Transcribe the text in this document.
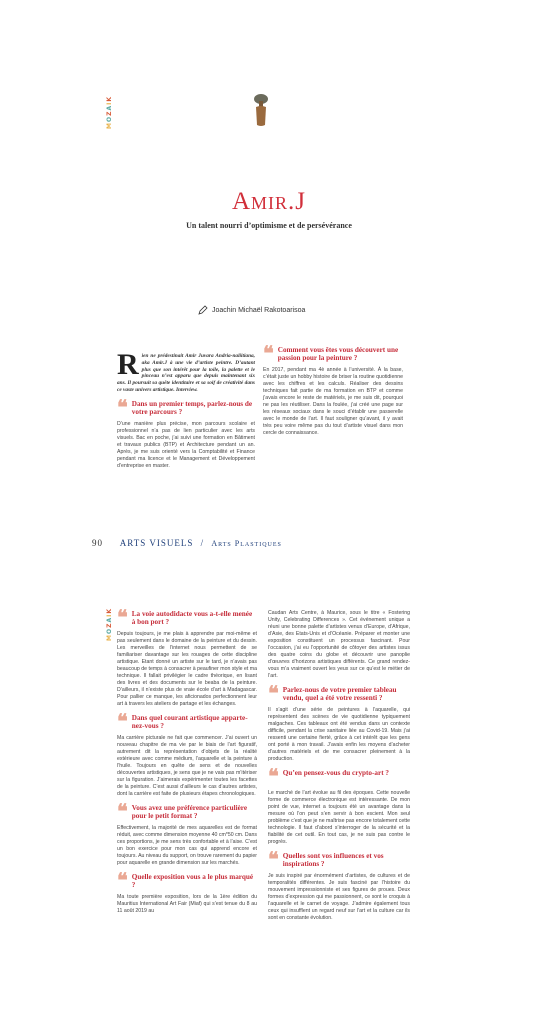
MOZAIK
Amir.J
Un talent nourri d’optimisme et de persévérance
Joachin Michaël Rakotoarisoa
Rien ne prédestinait Amir Juvara Andria-naliitiana, aka Amir.J à une vie d’artiste peintre. D’autant plus que son intérêt pour la toile, la palette et le pinceau n’est apparu que depuis maintenant six ans. Il poursuit sa quête identitaire et sa soif de créativité dans ce vaste univers artistique. Interview.
❝ Dans un premier temps, parlez-nous de votre parcours ?

D’une manière plus précise, mon parcours scolaire et professionnel n’a pas de lien particulier avec les arts visuels. Bac en poche, j’ai suivi une formation en Bâtiment et travaux publics (BTP) et Architecture pendant un an. Après, je me suis orienté vers la Comptabilité et Finance pendant ma licence et le Management et Développement d’entreprise en master.

❝ Comment vous êtes vous découvert une passion pour la peinture ?

En 2017, pendant ma 4è année à l’université. À la base, c’était juste un hobby histoire de briser la routine quotidienne avec les chiffres et les calculs. Réaliser des dessins techniques fait partie de ma formation en BTP et comme j’avais encore le reste de matériels, je me suis dit, pourquoi ne pas les réutiliser. Dans la foulée, j’ai créé une page sur les réseaux sociaux dans le souci d’établir une passerelle avec le monde de l’art. Il faut souligner qu’avant, il y avait très peu voire même pas du tout d’artiste visuel dans mon cercle de connaissance.

90 ARTS VISUELS / Arts Plastiques
MOZAIK ❝ La voie autodidacte vous a-t-elle menée à bon port ?

Depuis toujours, je me plais à apprendre par moi-même et pas seulement dans le domaine de la peinture et du dessin. Les merveilles de l’internet nous permettent de se familiariser davantage sur les rouages de cette discipline artistique. Etant donné un artiste sur le tard, je n’avais pas beaucoup de temps à consacrer à peaufiner mon style et ma technique. Il fallait privilégier le cadre théorique, en lisant des livres et des documents sur le beaba de la peinture. D’ailleurs, il n’existe plus de vraie école d’art à Madagascar. Pour pallier ce manque, les aficionados perfectionnent leur art à travers les ateliers de partage et les échanges.

❝ Dans quel courant artistique appartenez-vous ?

Ma carrière picturale ne fait que commencer. J’ai ouvert un nouveau chapitre de ma vie par le biais de l’art figuratif, autrement dit la représentation d’objets de la réalité extérieure avec comme médium, l’aquarelle et la peinture à l’huile. Toujours en quête de sens et de nouvelles découvertes artistiques, je sens que je ne vais pas m’itériser sur la figuration. J’aimerais expérimenter toutes les facettes de la peinture. C’est aussi d’ailleurs le cas d’autres artistes, dont la carrière est faite de plusieurs étapes chronologiques.

❝ Vous avez une préférence particulière pour le petit format ?

Effectivement, la majorité de mes aquarelles est de format réduit, avec comme dimension moyenne 40 cm*50 cm. Dans ces proportions, je me sens très confortable et à l’aise. C’est un bon exercice pour mon cas qui apprend encore et toujours. Au niveau du support, on trouve rarement du papier pour aquarelle en grande dimension sur les marchés.

❝ Quelle exposition vous a le plus marqué ?

Ma toute première exposition, lors de la 1ère édition du Mauritius International Art Fair (Miaf) qui s’est tenue du 8 au 11 août 2019 au

Caudan Arts Centre, à Maurice, sous le titre « Fostering Unity, Celebrating Differences ». Cet événement unique a réuni une bonne palette d’artistes venus d’Europe, d’Afrique, d’Asie, des Etats-Unis et d’Océanie. Préparer et monter une exposition constituent un processus fascinant. Pour l’occasion, j’ai eu l’opportunité de côtoyer des artistes issus des quatre coins du globe et découvrir une panoplie d’œuvres d’horizons artistiques différents. Ce grand rendez-vous m’a vraiment ouvert les yeux sur ce qu’est le métier de l’art.

❝ Parlez-nous de votre premier tableau vendu, quel a été votre ressenti ?

Il s’agit d’une série de peintures à l’aquarelle, qui représentent des scènes de vie quotidienne typiquement malgaches. Ces tableaux ont été vendus dans un contexte difficile, pendant la crise sanitaire liée au Covid-19. Mais j’ai ressenti une certaine fierté, grâce à cet intérêt que les gens ont porté à mon travail. J’avais enfin les moyens d’acheter d’autres matériels et de me consacrer pleinement à la production.

❝ Qu’en pensez-vous du crypto-art ?

Le marché de l’art évolue au fil des époques. Cette nouvelle forme de commerce électronique est intéressante. De mon point de vue, internet a toujours été un avantage dans la mesure où l’on peut s’en servir à bon escient. Mon seul problème c’est que je ne maîtrise pas encore totalement cette technologie. Il faut d’abord s’interroger de la sécurité et la fiabilité de cet outil. En tout cas, je ne suis pas contre le progrès.

❝ Quelles sont vos influences et vos inspirations ?

Je suis inspiré par énormément d’artistes, de cultures et de temporalités différentes. Je suis fasciné par l’histoire du mouvement impressionniste et ses figures de proues. Deux formes d’expression qui me passionnent, ce sont le croquis à l’aquarelle et le carnet de voyage. J’admire également tous ceux qui insufflent un regard neuf sur l’art et la culture car ils sont en constante évolution.
